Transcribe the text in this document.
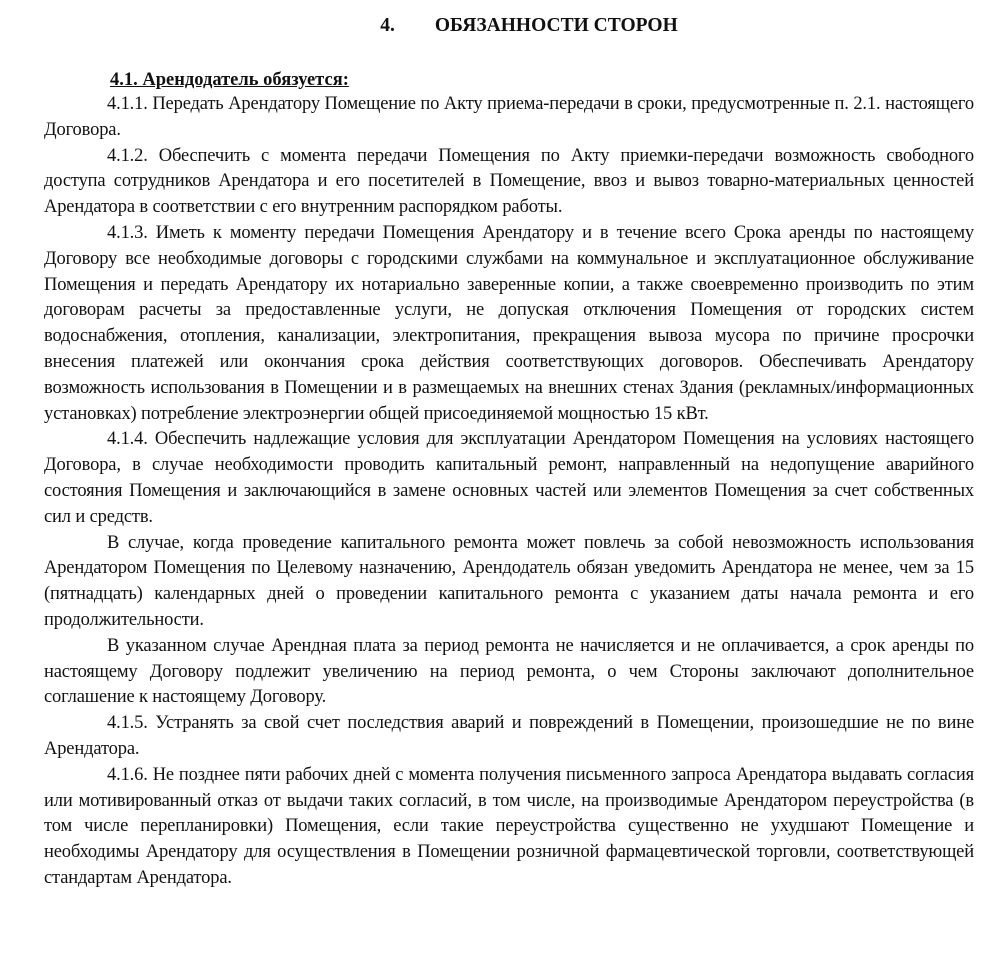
4. ОБЯЗАННОСТИ СТОРОН
4.1. Арендодатель обязуется:

4.1.1. Передать Арендатору Помещение по Акту приема-передачи в сроки, предусмотренные п. 2.1. настоящего Договора.

4.1.2. Обеспечить с момента передачи Помещения по Акту приемки-передачи возможность свободного доступа сотрудников Арендатора и его посетителей в Помещение, ввоз и вывоз товарно-материальных ценностей Арендатора в соответствии с его внутренним распорядком работы.

4.1.3. Иметь к моменту передачи Помещения Арендатору и в течение всего Срока аренды по настоящему Договору все необходимые договоры с городскими службами на коммунальное и эксплуатационное обслуживание Помещения и передать Арендатору их нотариально заверенные копии, а также своевременно производить по этим договорам расчеты за предоставленные услуги, не допуская отключения Помещения от городских систем водоснабжения, отопления, канализации, электропитания, прекращения вывоза мусора по причине просрочки внесения платежей или окончания срока действия соответствующих договоров. Обеспечивать Арендатору возможность использования в Помещении и в размещаемых на внешних стенах Здания (рекламных/информационных установках) потребление электроэнергии общей присоединяемой мощностью 15 кВт.

4.1.4. Обеспечить надлежащие условия для эксплуатации Арендатором Помещения на условиях настоящего Договора, в случае необходимости проводить капитальный ремонт, направленный на недопущение аварийного состояния Помещения и заключающийся в замене основных частей или элементов Помещения за счет собственных сил и средств.

В случае, когда проведение капитального ремонта может повлечь за собой невозможность использования Арендатором Помещения по Целевому назначению, Арендодатель обязан уведомить Арендатора не менее, чем за 15 (пятнадцать) календарных дней о проведении капитального ремонта с указанием даты начала ремонта и его продолжительности.

В указанном случае Арендная плата за период ремонта не начисляется и не оплачивается, а срок аренды по настоящему Договору подлежит увеличению на период ремонта, о чем Стороны заключают дополнительное соглашение к настоящему Договору.

4.1.5. Устранять за свой счет последствия аварий и повреждений в Помещении, произошедшие не по вине Арендатора.

4.1.6. Не позднее пяти рабочих дней с момента получения письменного запроса Арендатора выдавать согласия или мотивированный отказ от выдачи таких согласий, в том числе, на производимые Арендатором переустройства (в том числе перепланировки) Помещения, если такие переустройства существенно не ухудшают Помещение и необходимы Арендатору для осуществления в Помещении розничной фармацевтической торговли, соответствующей стандартам Арендатора.
